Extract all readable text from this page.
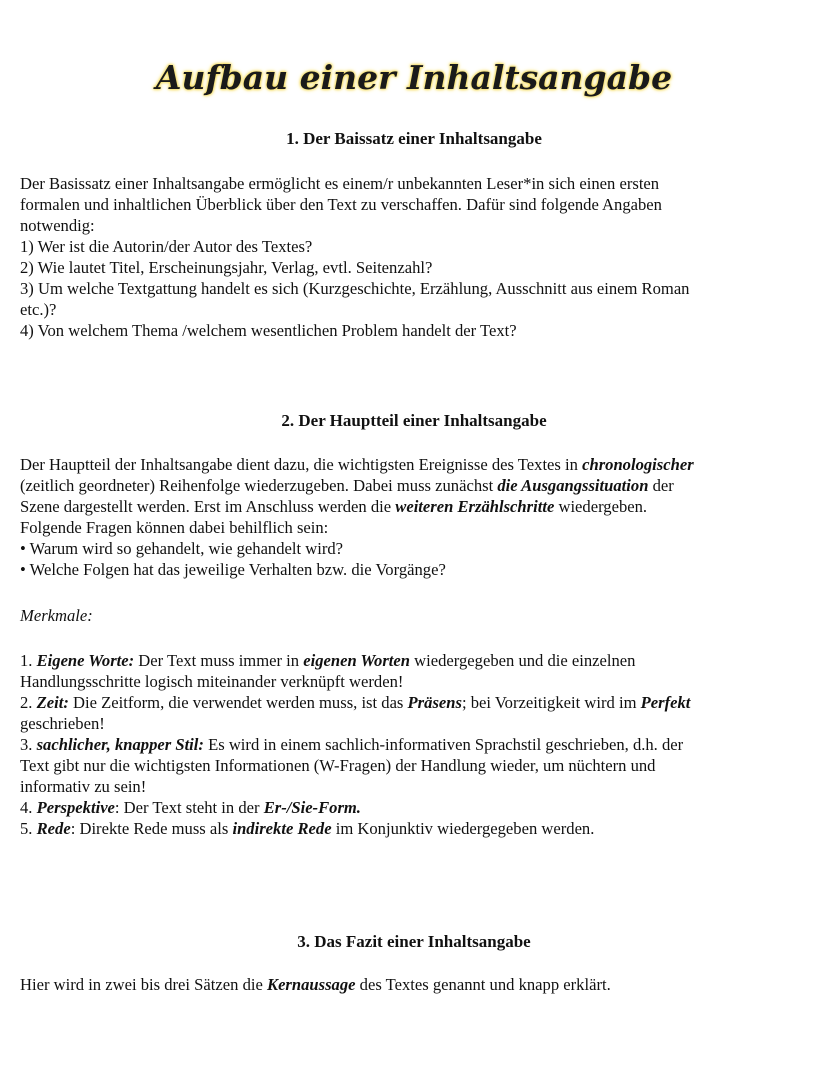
Aufbau einer Inhaltsangabe
1. Der Baissatz einer Inhaltsangabe
Der Basissatz einer Inhaltsangabe ermöglicht es einem/r unbekannten Leser*in sich einen ersten
formalen und inhaltlichen Überblick über den Text zu verschaffen. Dafür sind folgende Angaben
notwendig:
1) Wer ist die Autorin/der Autor des Textes?
2) Wie lautet Titel, Erscheinungsjahr, Verlag, evtl. Seitenzahl?
3) Um welche Textgattung handelt es sich (Kurzgeschichte, Erzählung, Ausschnitt aus einem Roman
etc.)?
4) Von welchem Thema /welchem wesentlichen Problem handelt der Text?
2. Der Hauptteil einer Inhaltsangabe
Der Hauptteil der Inhaltsangabe dient dazu, die wichtigsten Ereignisse des Textes in chronologischer
(zeitlich geordneter) Reihenfolge wiederzugeben. Dabei muss zunächst die Ausgangssituation der
Szene dargestellt werden. Erst im Anschluss werden die weiteren Erzählschritte wiedergeben.
Folgende Fragen können dabei behilflich sein:
• Warum wird so gehandelt, wie gehandelt wird?
• Welche Folgen hat das jeweilige Verhalten bzw. die Vorgänge?
Merkmale:
1. Eigene Worte: Der Text muss immer in eigenen Worten wiedergegeben und die einzelnen
Handlungsschritte logisch miteinander verknüpft werden!
2. Zeit: Die Zeitform, die verwendet werden muss, ist das Präsens; bei Vorzeitigkeit wird im Perfekt
geschrieben!
3. sachlicher, knapper Stil: Es wird in einem sachlich-informativen Sprachstil geschrieben, d.h. der
Text gibt nur die wichtigsten Informationen (W-Fragen) der Handlung wieder, um nüchtern und
informativ zu sein!
4. Perspektive: Der Text steht in der Er-/Sie-Form.
5. Rede: Direkte Rede muss als indirekte Rede im Konjunktiv wiedergegeben werden.
3. Das Fazit einer Inhaltsangabe
Hier wird in zwei bis drei Sätzen die Kernaussage des Textes genannt und knapp erklärt.
